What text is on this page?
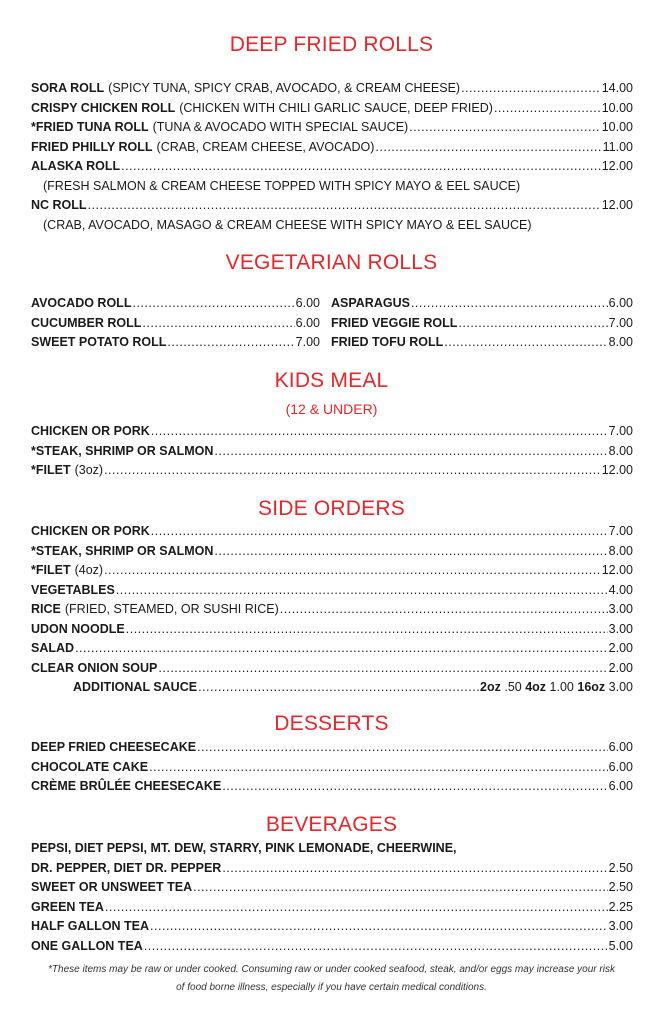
DEEP FRIED ROLLS
SORA ROLL (SPICY TUNA, SPICY CRAB, AVOCADO, & CREAM CHEESE) .....	14.00
CRISPY CHICKEN ROLL (CHICKEN WITH CHILI GARLIC SAUCE, DEEP FRIED) .....	10.00
*FRIED TUNA ROLL (TUNA & AVOCADO WITH SPECIAL SAUCE) .....	10.00
FRIED PHILLY ROLL (CRAB, CREAM CHEESE, AVOCADO) .....	11.00
ALASKA ROLL .....	12.00
(FRESH SALMON & CREAM CHEESE TOPPED WITH SPICY MAYO & EEL SAUCE)
NC ROLL .....	12.00
(CRAB, AVOCADO, MASAGO & CREAM CHEESE WITH SPICY MAYO & EEL SAUCE)
VEGETARIAN ROLLS
AVOCADO ROLL .....	6.00
CUCUMBER ROLL .....	6.00
SWEET POTATO ROLL .....	7.00
ASPARAGUS .....	6.00
FRIED VEGGIE ROLL .....	7.00
FRIED TOFU ROLL .....	8.00
KIDS MEAL

(12 & UNDER)

CHICKEN OR PORK .....	7.00
*STEAK, SHRIMP OR SALMON .....	8.00
*FILET (3oz) .....	12.00
SIDE ORDERS
CHICKEN OR PORK .....	7.00
*STEAK, SHRIMP OR SALMON .....	8.00
*FILET (4oz) .....	12.00
VEGETABLES .....	4.00
RICE (FRIED, STEAMED, OR SUSHI RICE) .....	3.00
UDON NOODLE .....	3.00
SALAD .....	2.00
CLEAR ONION SOUP .....	2.00
ADDITIONAL SAUCE .....	2oz .50 4oz 1.00 16oz 3.00
DESSERTS
DEEP FRIED CHEESECAKE .....	6.00
CHOCOLATE CAKE .....	6.00
CRÈME BRÛLÉE CHEESECAKE .....	6.00
BEVERAGES
PEPSI, DIET PEPSI, MT. DEW, STARRY, PINK LEMONADE, CHEERWINE,
DR. PEPPER, DIET DR. PEPPER .....	2.50
SWEET OR UNSWEET TEA .....	2.50
GREEN TEA .....	2.25
HALF GALLON TEA .....	3.00
ONE GALLON TEA .....	5.00
*These items may be raw or under cooked. Consuming raw or under cooked seafood, steak, and/or eggs may increase your risk
of food borne illness, especially if you have certain medical conditions.
